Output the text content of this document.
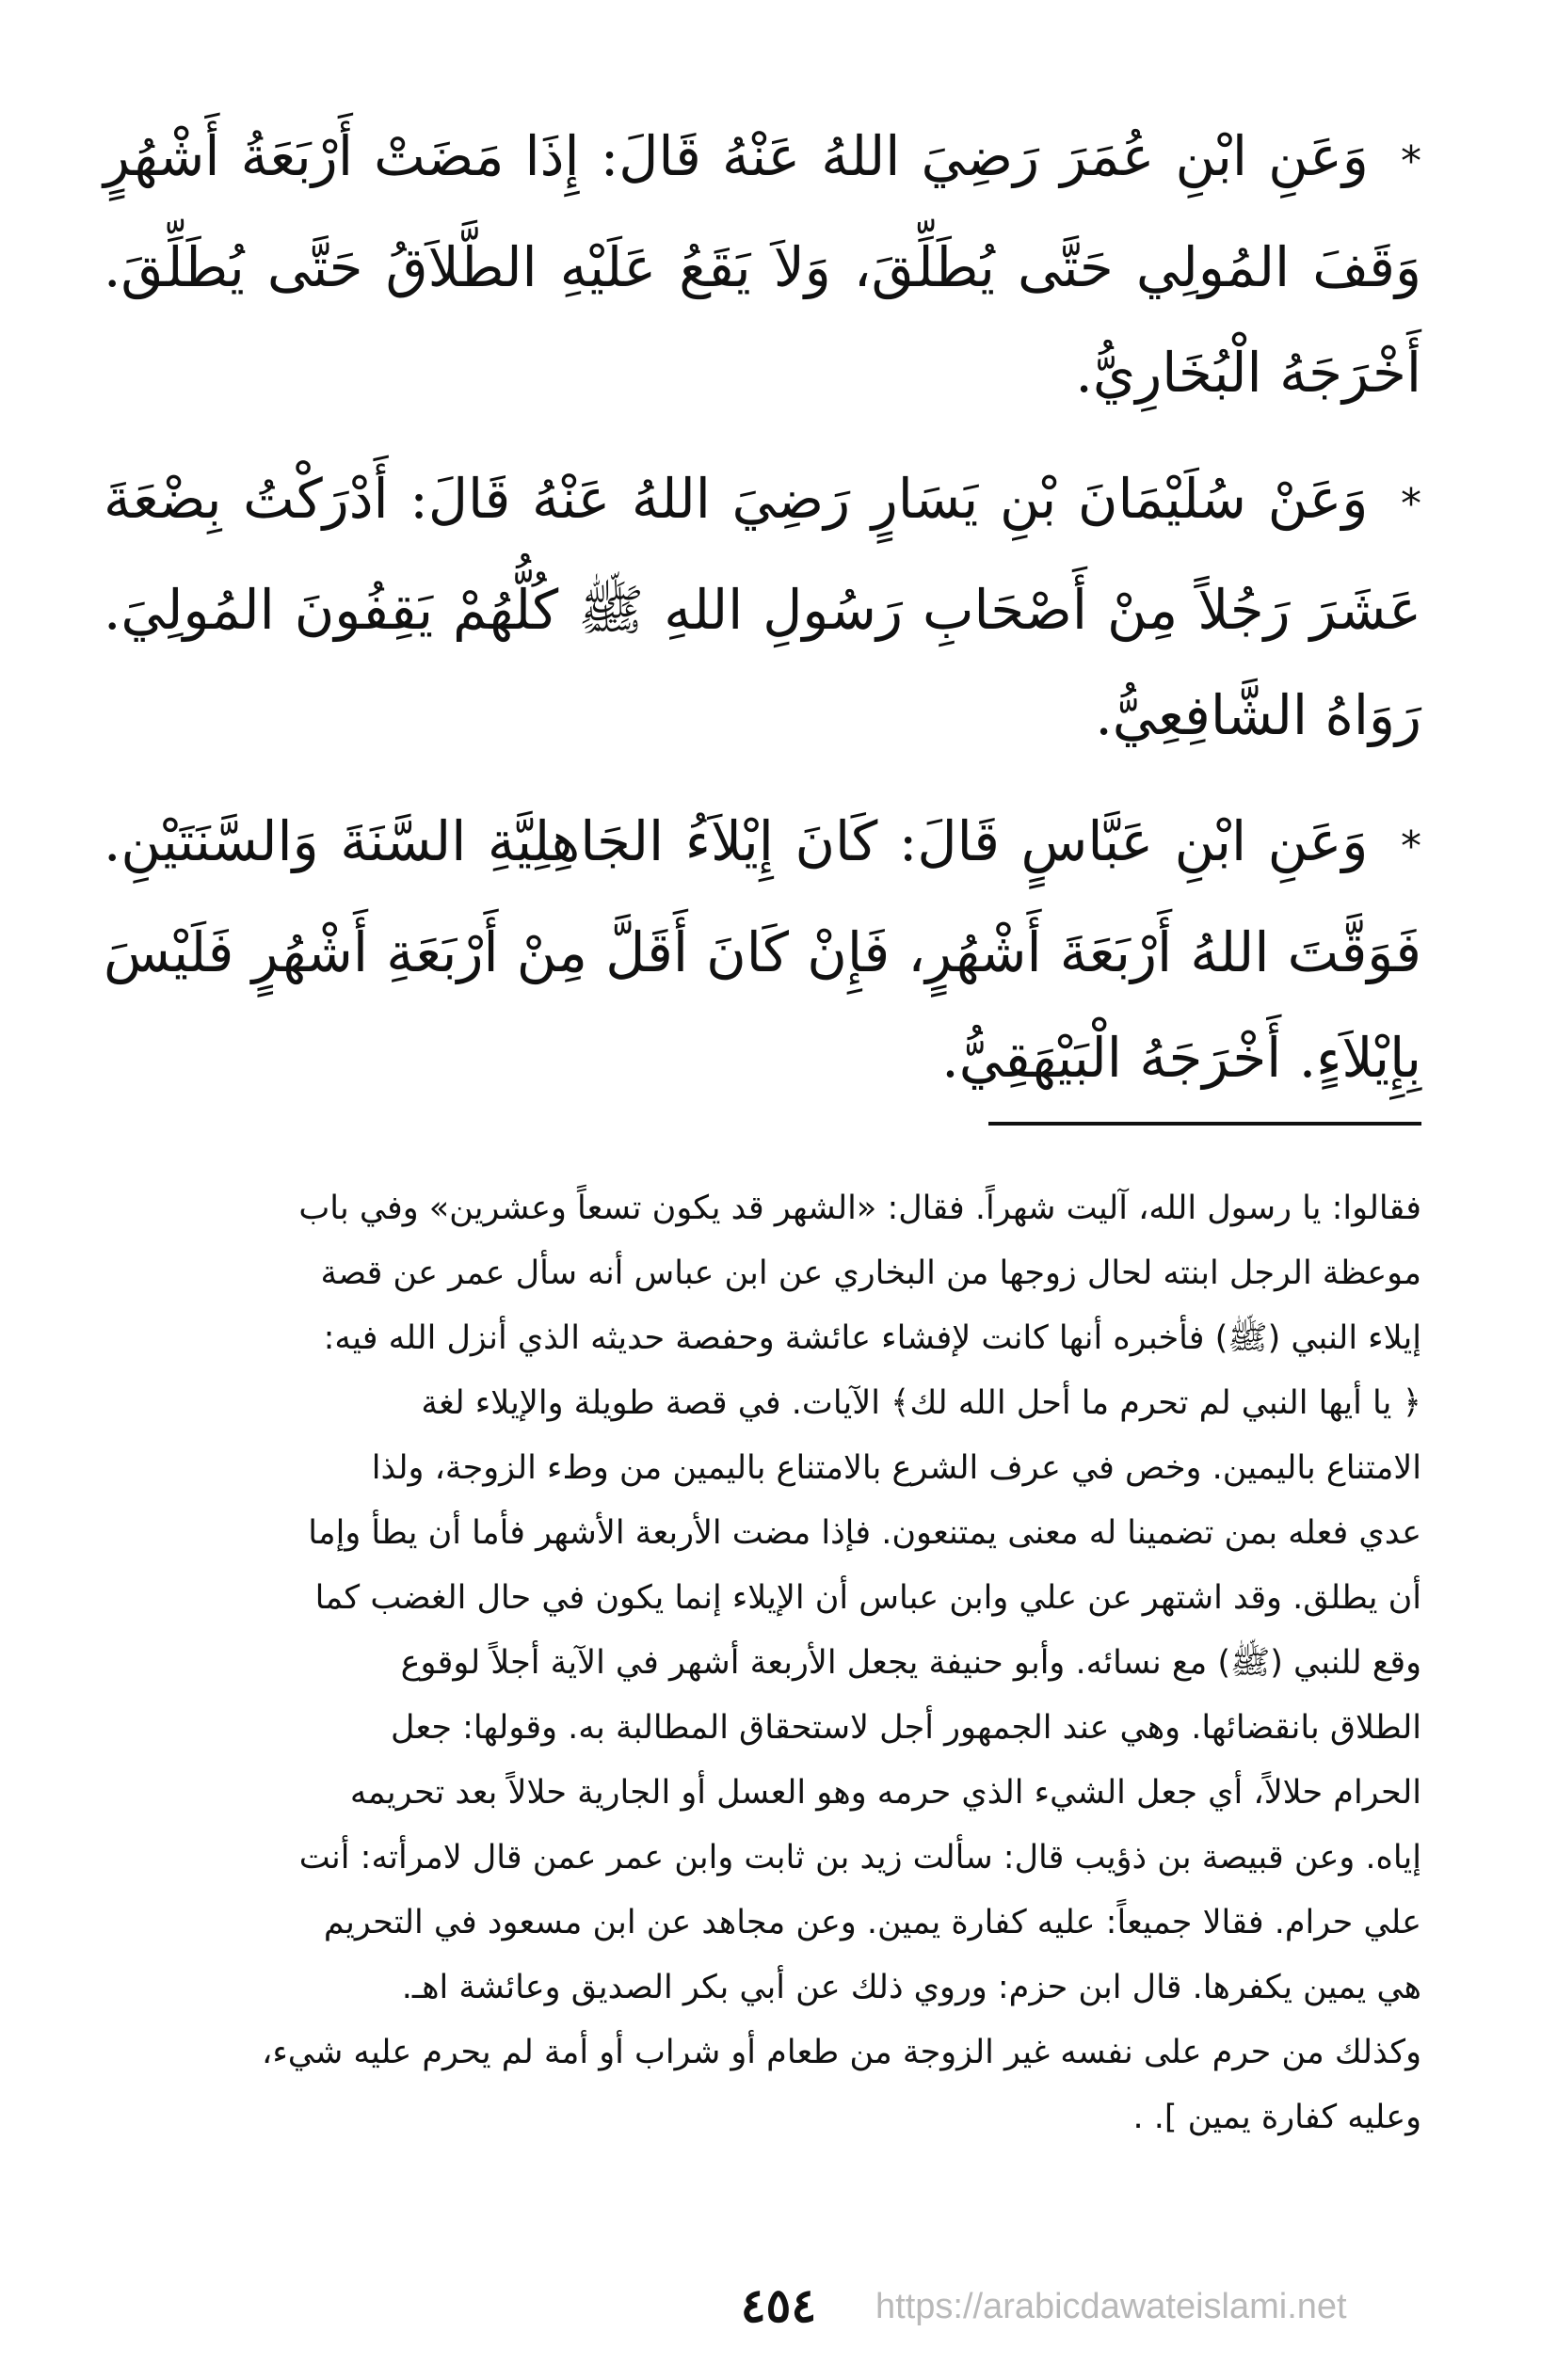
* وَعَنِ ابْنِ عُمَرَ رَضِيَ اللهُ عَنْهُ قَالَ: إِذَا مَضَتْ أَرْبَعَةُ أَشْهُرٍ وَقَفَ المُولِي حَتَّى يُطَلِّقَ، وَلاَ يَقَعُ عَلَيْهِ الطَّلاَقُ حَتَّى يُطَلِّقَ. أَخْرَجَهُ الْبُخَارِيُّ.

* وَعَنْ سُلَيْمَانَ بْنِ يَسَارٍ رَضِيَ اللهُ عَنْهُ قَالَ: أَدْرَكْتُ بِضْعَةَ عَشَرَ رَجُلاً مِنْ أَصْحَابِ رَسُولِ اللهِ ﷺ كُلُّهُمْ يَقِفُونَ المُولِيَ. رَوَاهُ الشَّافِعِيُّ.

* وَعَنِ ابْنِ عَبَّاسٍ قَالَ: كَانَ إِيْلاَءُ الجَاهِلِيَّةِ السَّنَةَ وَالسَّنَتَيْنِ. فَوَقَّتَ اللهُ أَرْبَعَةَ أَشْهُرٍ، فَإِنْ كَانَ أَقَلَّ مِنْ أَرْبَعَةِ أَشْهُرٍ فَلَيْسَ بِإِيْلاَءٍ. أَخْرَجَهُ الْبَيْهَقِيُّ.

فقالوا: يا رسول الله، آليت شهراً. فقال: «الشهر قد يكون تسعاً وعشرين» وفي باب

موعظة الرجل ابنته لحال زوجها من البخاري عن ابن عباس أنه سأل عمر عن قصة

إيلاء النبي (ﷺ) فأخبره أنها كانت لإفشاء عائشة وحفصة حديثه الذي أنزل الله فيه:

﴿ يا أيها النبي لم تحرم ما أحل الله لك﴾ الآيات. في قصة طويلة والإيلاء لغة

الامتناع باليمين. وخص في عرف الشرع بالامتناع باليمين من وطء الزوجة، ولذا

عدي فعله بمن تضمينا له معنى يمتنعون. فإذا مضت الأربعة الأشهر فأما أن يطأ وإما

أن يطلق. وقد اشتهر عن علي وابن عباس أن الإيلاء إنما يكون في حال الغضب كما

وقع للنبي (ﷺ) مع نسائه. وأبو حنيفة يجعل الأربعة أشهر في الآية أجلاً لوقوع

الطلاق بانقضائها. وهي عند الجمهور أجل لاستحقاق المطالبة به. وقولها: جعل

الحرام حلالاً، أي جعل الشيء الذي حرمه وهو العسل أو الجارية حلالاً بعد تحريمه

إياه. وعن قبيصة بن ذؤيب قال: سألت زيد بن ثابت وابن عمر عمن قال لامرأته: أنت

علي حرام. فقالا جميعاً: عليه كفارة يمين. وعن مجاهد عن ابن مسعود في التحريم

هي يمين يكفرها. قال ابن حزم: وروي ذلك عن أبي بكر الصديق وعائشة اهـ.

وكذلك من حرم على نفسه غير الزوجة من طعام أو شراب أو أمة لم يحرم عليه شيء،

وعليه كفارة يمين ]. .

٤٥٤	https://arabicdawateislami.net
